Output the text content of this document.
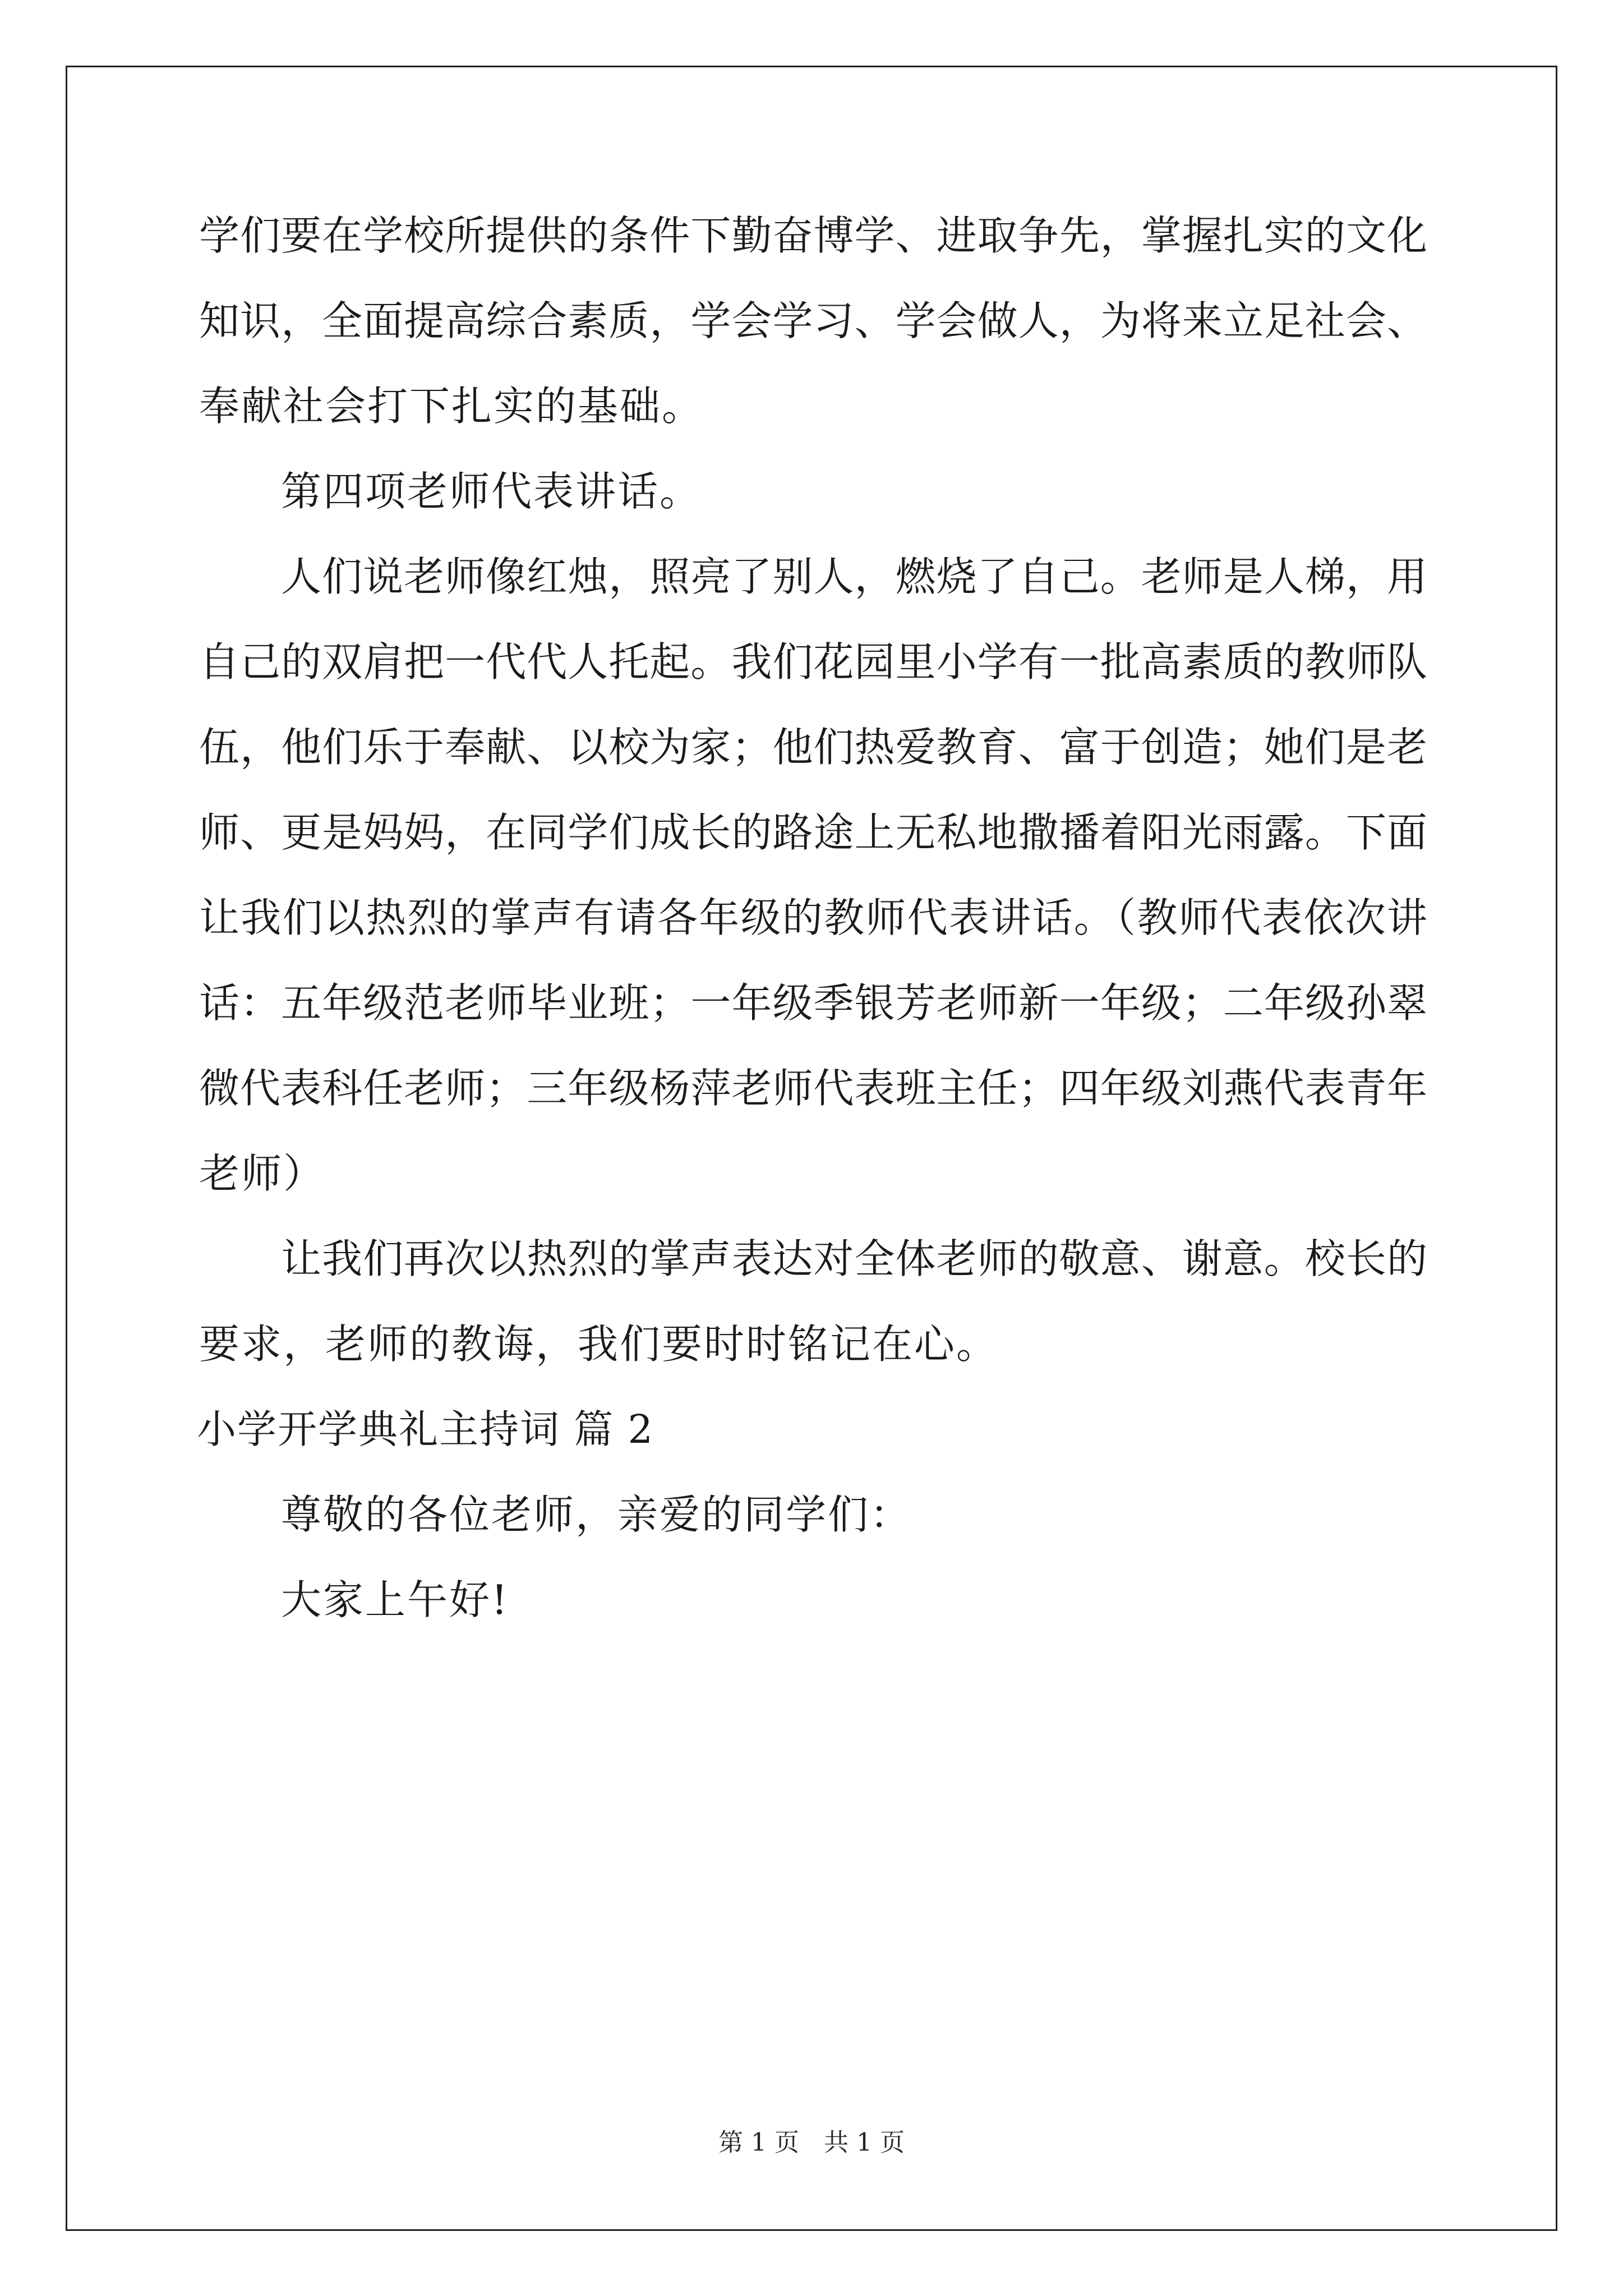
学们要在学校所提供的条件下勤奋博学、进取争先，掌握扎实的文化
知识，全面提高综合素质，学会学习、学会做人，为将来立足社会、
奉献社会打下扎实的基础。
第四项老师代表讲话。
人们说老师像红烛，照亮了别人，燃烧了自己。老师是人梯，用
自己的双肩把一代代人托起。我们花园里小学有一批高素质的教师队
伍，他们乐于奉献、以校为家；他们热爱教育、富于创造；她们是老
师、更是妈妈，在同学们成长的路途上无私地撒播着阳光雨露。下面
让我们以热烈的掌声有请各年级的教师代表讲话。（教师代表依次讲
话：五年级范老师毕业班；一年级季银芳老师新一年级；二年级孙翠
微代表科任老师；三年级杨萍老师代表班主任；四年级刘燕代表青年
老师）
让我们再次以热烈的掌声表达对全体老师的敬意、谢意。校长的
要求，老师的教诲，我们要时时铭记在心。
小学开学典礼主持词 篇 2
尊敬的各位老师，亲爱的同学们：
大家上午好!
第 1 页　共 1 页
